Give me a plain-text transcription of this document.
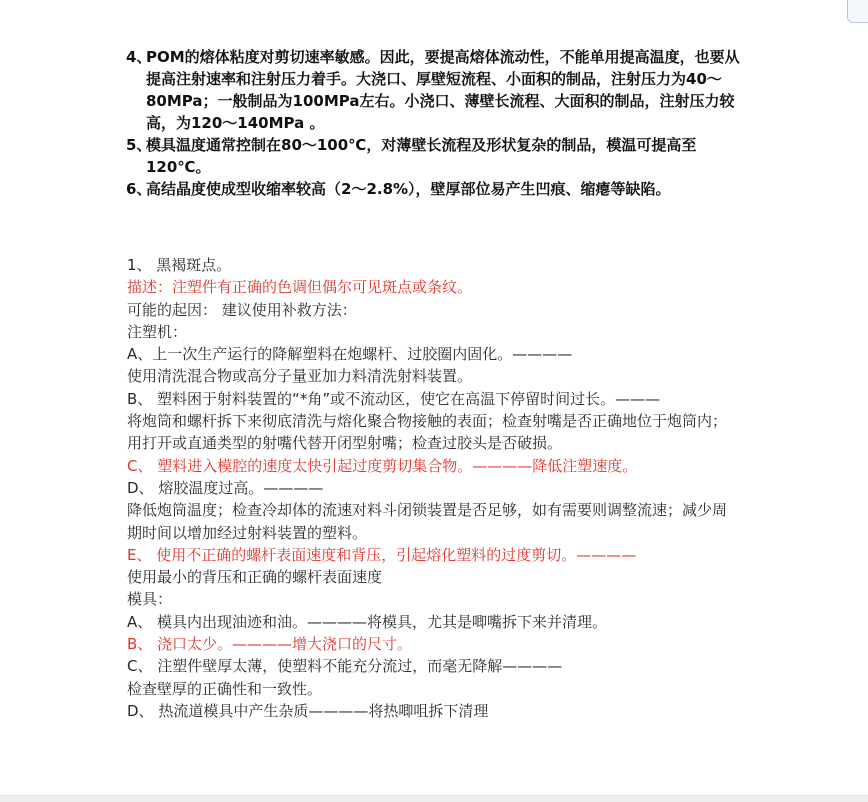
4、
POM的熔体粘度对剪切速率敏感。因此，要提高熔体流动性，不能单用提高温度，也要从提高注射速率和注射压力着手。大浇口、厚壁短流程、小面积的制品，注射压力为40～80MPa；一般制品为100MPa左右。小浇口、薄壁长流程、大面积的制品，注射压力较高，为120～140MPa 。

5、
模具温度通常控制在80～100℃，对薄壁长流程及形状复杂的制品，模温可提高至120℃。

6、
高结晶度使成型收缩率较高（2～2.8%），壁厚部位易产生凹痕、缩瘪等缺陷。

1、 黑褐斑点。
描述：注塑件有正确的色调但偶尔可见斑点或条纹。
可能的起因： 建议使用补救方法：
注塑机：
A、上一次生产运行的降解塑料在炮螺杆、过胶圈内固化。————
使用清洗混合物或高分子量亚加力料清洗射料装置。
B、 塑料困于射料装置的“*角”或不流动区，使它在高温下停留时间过长。———
将炮筒和螺杆拆下来彻底清洗与熔化聚合物接触的表面；检查射嘴是否正确地位于炮筒内；用打开或直通类型的射嘴代替开闭型射嘴；检查过胶头是否破损。
C、 塑料进入模腔的速度太快引起过度剪切集合物。————降低注塑速度。
D、 熔胶温度过高。————
降低炮筒温度；检查冷却体的流速对料斗闭锁装置是否足够，如有需要则调整流速；减少周期时间以增加经过射料装置的塑料。
E、 使用不正确的螺杆表面速度和背压，引起熔化塑料的过度剪切。————
使用最小的背压和正确的螺杆表面速度
模具：
A、 模具内出现油迹和油。————将模具，尤其是唧嘴拆下来并清理。
B、 浇口太少。————增大浇口的尺寸。
C、 注塑件壁厚太薄，使塑料不能充分流过，而毫无降解————
检查壁厚的正确性和一致性。
D、 热流道模具中产生杂质————将热唧咀拆下清理
